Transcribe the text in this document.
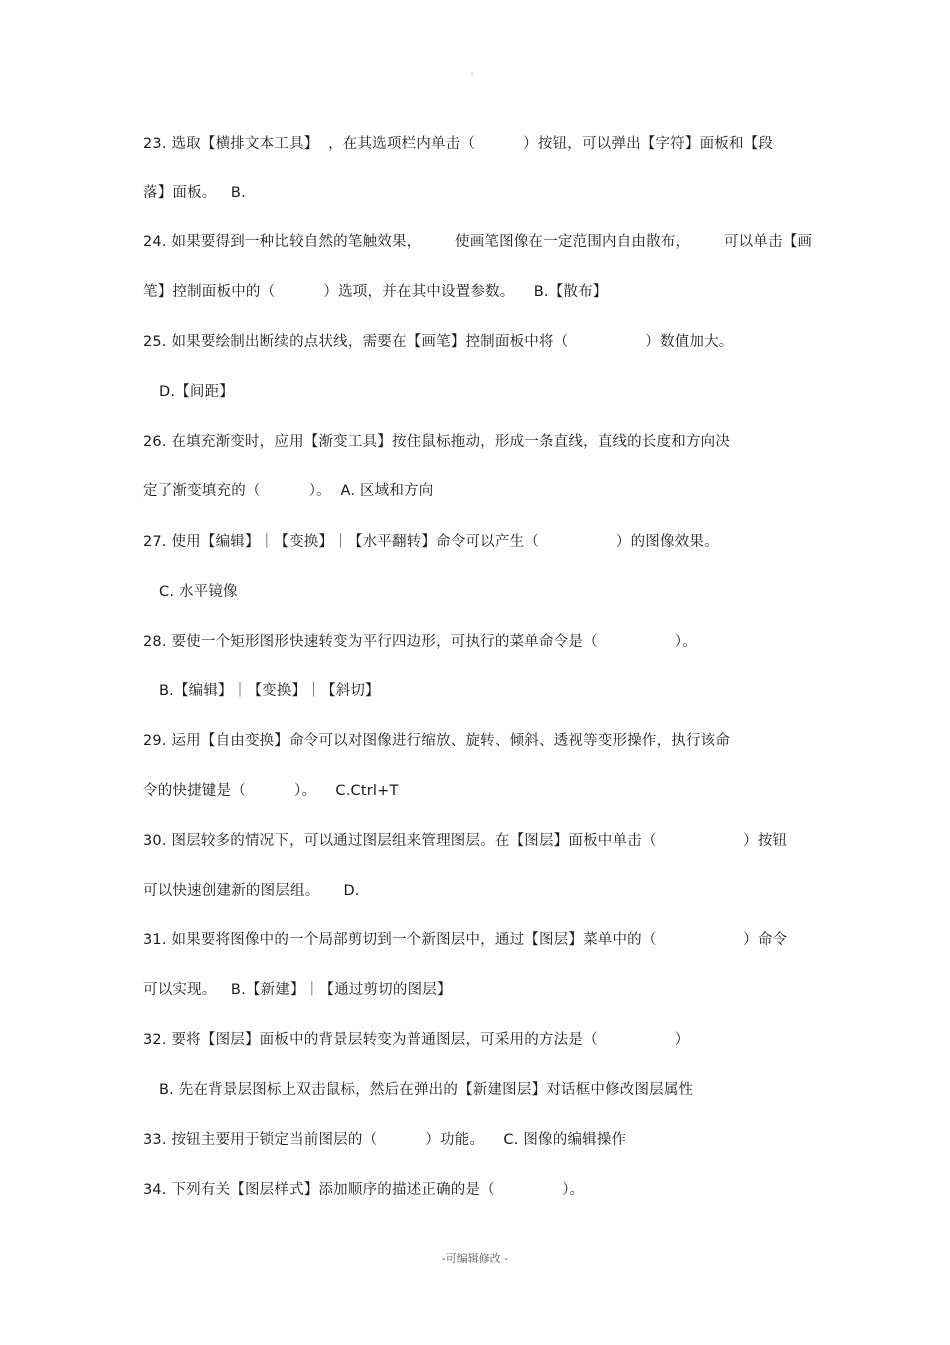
。
23. 选取【横排文本工具】  ，在其选项栏内单击（          ）按钮，可以弹出【字符】面板和【段
落】面板。   B.
24. 如果要得到一种比较自然的笔触效果，       使画笔图像在一定范围内自由散布，       可以单击【画
笔】控制面板中的（          ）选项，并在其中设置参数。    B.【散布】
25. 如果要绘制出断续的点状线，需要在【画笔】控制面板中将（                ）数值加大。
D.【间距】
26. 在填充渐变时，应用【渐变工具】按住鼠标拖动，形成一条直线，直线的长度和方向决
定了渐变填充的（          ）。  A. 区域和方向
27. 使用【编辑】｜【变换】｜【水平翻转】命令可以产生（                ）的图像效果。
C. 水平镜像
28. 要使一个矩形图形快速转变为平行四边形，可执行的菜单命令是（                ）。
B.【编辑】｜【变换】｜【斜切】
29. 运用【自由变换】命令可以对图像进行缩放、旋转、倾斜、透视等变形操作，执行该命
令的快捷键是（          ）。    C.Ctrl+T
30. 图层较多的情况下，可以通过图层组来管理图层。在【图层】面板中单击（                  ）按钮
可以快速创建新的图层组。     D.
31. 如果要将图像中的一个局部剪切到一个新图层中，通过【图层】菜单中的（                  ）命令
可以实现。   B.【新建】｜【通过剪切的图层】
32. 要将【图层】面板中的背景层转变为普通图层，可采用的方法是（                ）
B. 先在背景层图标上双击鼠标，然后在弹出的【新建图层】对话框中修改图层属性
33. 按钮主要用于锁定当前图层的（          ）功能。    C. 图像的编辑操作
34. 下列有关【图层样式】添加顺序的描述正确的是（              ）。
-可编辑修改 -
